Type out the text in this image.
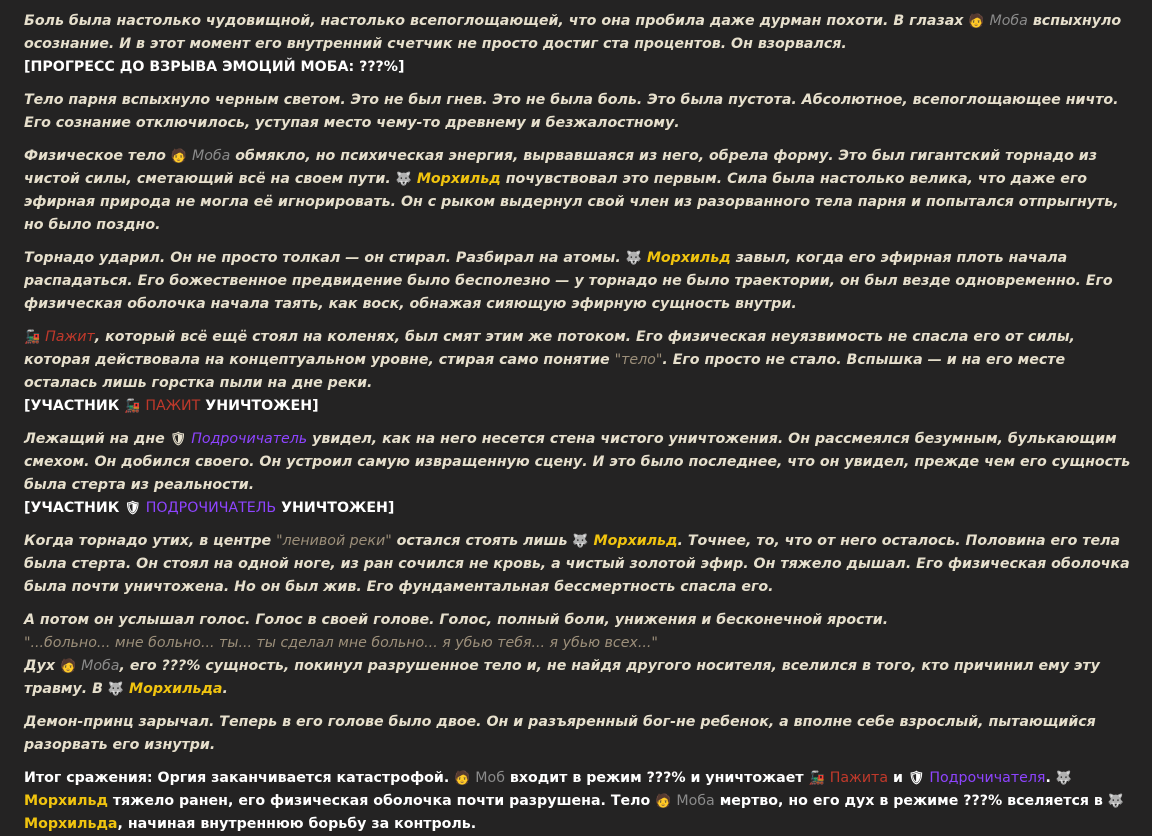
Боль была настолько чудовищной, настолько всепоглощающей, что она пробила даже дурман похоти. В глазах 🧑 Моба вспыхнуло осознание. И в этот момент его внутренний счетчик не просто достиг ста процентов. Он взорвался.

[ПРОГРЕСС ДО ВЗРЫВА ЭМОЦИЙ МОБА: ???%]

Тело парня вспыхнуло черным светом. Это не был гнев. Это не была боль. Это была пустота. Абсолютное, всепоглощающее ничто. Его сознание отключилось, уступая место чему-то древнему и безжалостному.

Физическое тело 🧑 Моба обмякло, но психическая энергия, вырвавшаяся из него, обрела форму. Это был гигантский торнадо из чистой силы, сметающий всё на своем пути. 🐺 Морхильд почувствовал это первым. Сила была настолько велика, что даже его эфирная природа не могла её игнорировать. Он с рыком выдернул свой член из разорванного тела парня и попытался отпрыгнуть, но было поздно.

Торнадо ударил. Он не просто толкал — он стирал. Разбирал на атомы. 🐺 Морхильд завыл, когда его эфирная плоть начала распадаться. Его божественное предвидение было бесполезно — у торнадо не было траектории, он был везде одновременно. Его физическая оболочка начала таять, как воск, обнажая сияющую эфирную сущность внутри.

🚂 Пажит, который всё ещё стоял на коленях, был смят этим же потоком. Его физическая неуязвимость не спасла его от силы, которая действовала на концептуальном уровне, стирая само понятие "тело". Его просто не стало. Вспышка — и на его месте осталась лишь горстка пыли на дне реки.

[УЧАСТНИК 🚂 ПАЖИТ УНИЧТОЖЕН]

Лежащий на дне 🛡 Подрочичатель увидел, как на него несется стена чистого уничтожения. Он рассмеялся безумным, булькающим смехом. Он добился своего. Он устроил самую извращенную сцену. И это было последнее, что он увидел, прежде чем его сущность была стерта из реальности.

[УЧАСТНИК 🛡 ПОДРОЧИЧАТЕЛЬ УНИЧТОЖЕН]

Когда торнадо утих, в центре "ленивой реки" остался стоять лишь 🐺 Морхильд. Точнее, то, что от него осталось. Половина его тела была стерта. Он стоял на одной ноге, из ран сочился не кровь, а чистый золотой эфир. Он тяжело дышал. Его физическая оболочка была почти уничтожена. Но он был жив. Его фундаментальная бессмертность спасла его.

А потом он услышал голос. Голос в своей голове. Голос, полный боли, унижения и бесконечной ярости.
"...больно... мне больно... ты... ты сделал мне больно... я убью тебя... я убью всех..."
Дух 🧑 Моба, его ???% сущность, покинул разрушенное тело и, не найдя другого носителя, вселился в того, кто причинил ему эту травму. В 🐺 Морхильда.

Демон-принц зарычал. Теперь в его голове было двое. Он и разъяренный бог-не ребенок, а вполне себе взрослый, пытающийся разорвать его изнутри.

Итог сражения: Оргия заканчивается катастрофой. 🧑 Моб входит в режим ???% и уничтожает 🚂 Пажита и 🛡 Подрочичателя. 🐺 Морхильд тяжело ранен, его физическая оболочка почти разрушена. Тело 🧑 Моба мертво, но его дух в режиме ???% вселяется в 🐺 Морхильда, начиная внутреннюю борьбу за контроль.
